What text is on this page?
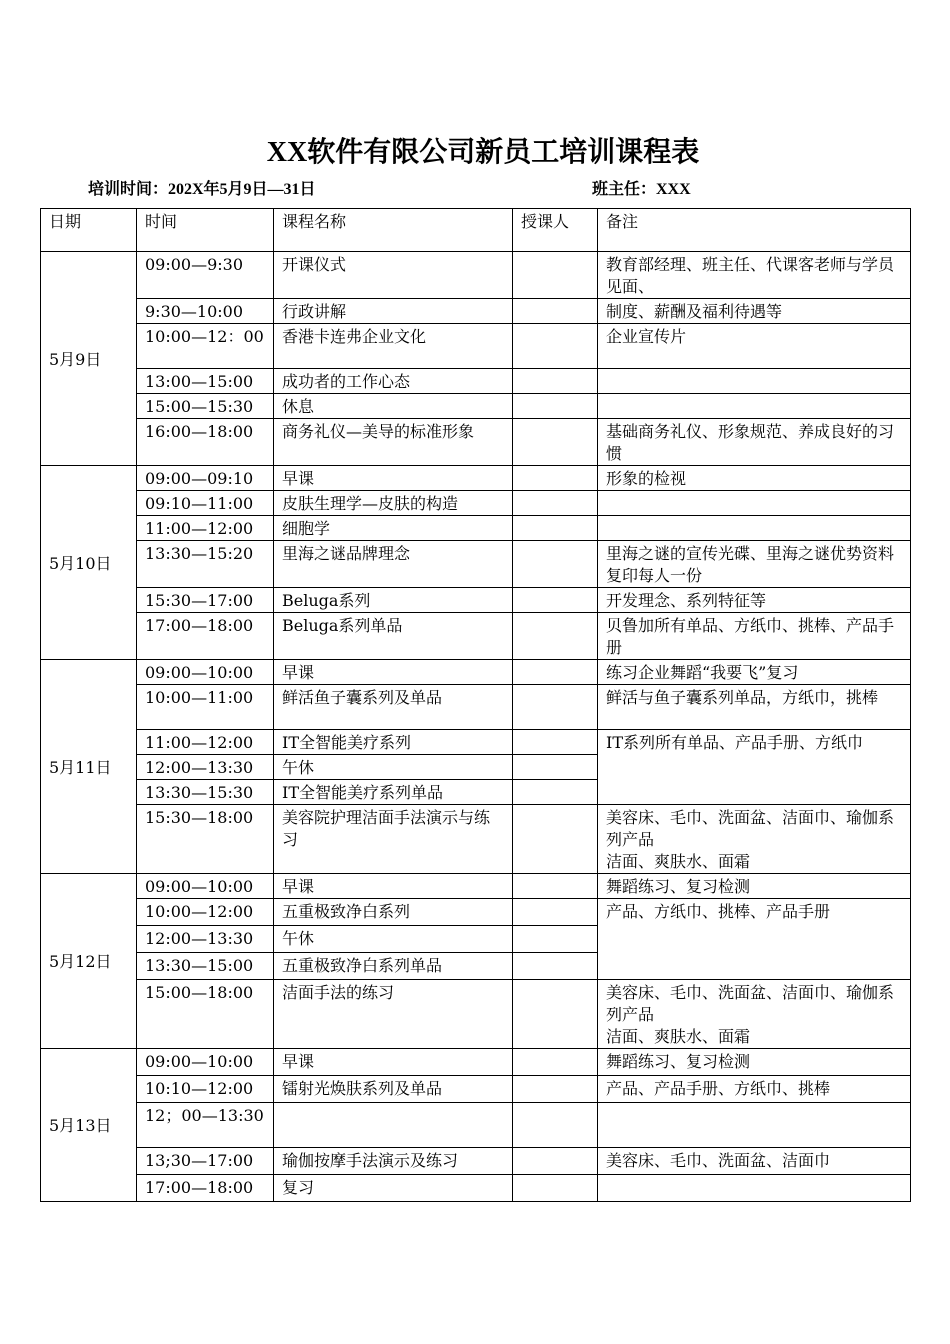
XX软件有限公司新员工培训课程表
培训时间：202X年5月9日—31日	班主任：XXX
日期	时间	课程名称	授课人	备注
5月9日	09:00—9:30	开课仪式		教育部经理、班主任、代课客老师与学员见面、
	9:30—10:00	行政讲解		制度、薪酬及福利待遇等
	10:00—12：00	香港卡连弗企业文化		企业宣传片
	13:00—15:00	成功者的工作心态		
	15:00—15:30	休息		
	16:00—18:00	商务礼仪—美导的标准形象		基础商务礼仪、形象规范、养成良好的习惯
5月10日	09:00—09:10	早课		形象的检视
	09:10—11:00	皮肤生理学—皮肤的构造		
	11:00—12:00	细胞学		
	13:30—15:20	里海之谜品牌理念		里海之谜的宣传光碟、里海之谜优势资料复印每人一份
	15:30—17:00	Beluga系列		开发理念、系列特征等
	17:00—18:00	Beluga系列单品		贝鲁加所有单品、方纸巾、挑棒、产品手册
5月11日	09:00—10:00	早课		练习企业舞蹈“我要飞”复习
	10:00—11:00	鲜活鱼子囊系列及单品		鲜活与鱼子囊系列单品，方纸巾，挑棒
	11:00—12:00	IT全智能美疗系列		IT系列所有单品、产品手册、方纸巾
	12:00—13:30	午休		
	13:30—15:30	IT全智能美疗系列单品		
	15:30—18:00	美容院护理洁面手法演示与练习		美容床、毛巾、洗面盆、洁面巾、瑜伽系列产品
洁面、爽肤水、面霜

5月12日	09:00—10:00	早课		舞蹈练习、复习检测
	10:00—12:00	五重极致净白系列		产品、方纸巾、挑棒、产品手册
	12:00—13:30	午休		
	13:30—15:00	五重极致净白系列单品		
	15:00—18:00	洁面手法的练习		美容床、毛巾、洗面盆、洁面巾、瑜伽系列产品
洁面、爽肤水、面霜

5月13日	09:00—10:00	早课		舞蹈练习、复习检测
	10:10—12:00	镭射光焕肤系列及单品		产品、产品手册、方纸巾、挑棒
	12；00—13:30			
	13;30—17:00	瑜伽按摩手法演示及练习		美容床、毛巾、洗面盆、洁面巾
	17:00—18:00	复习		
